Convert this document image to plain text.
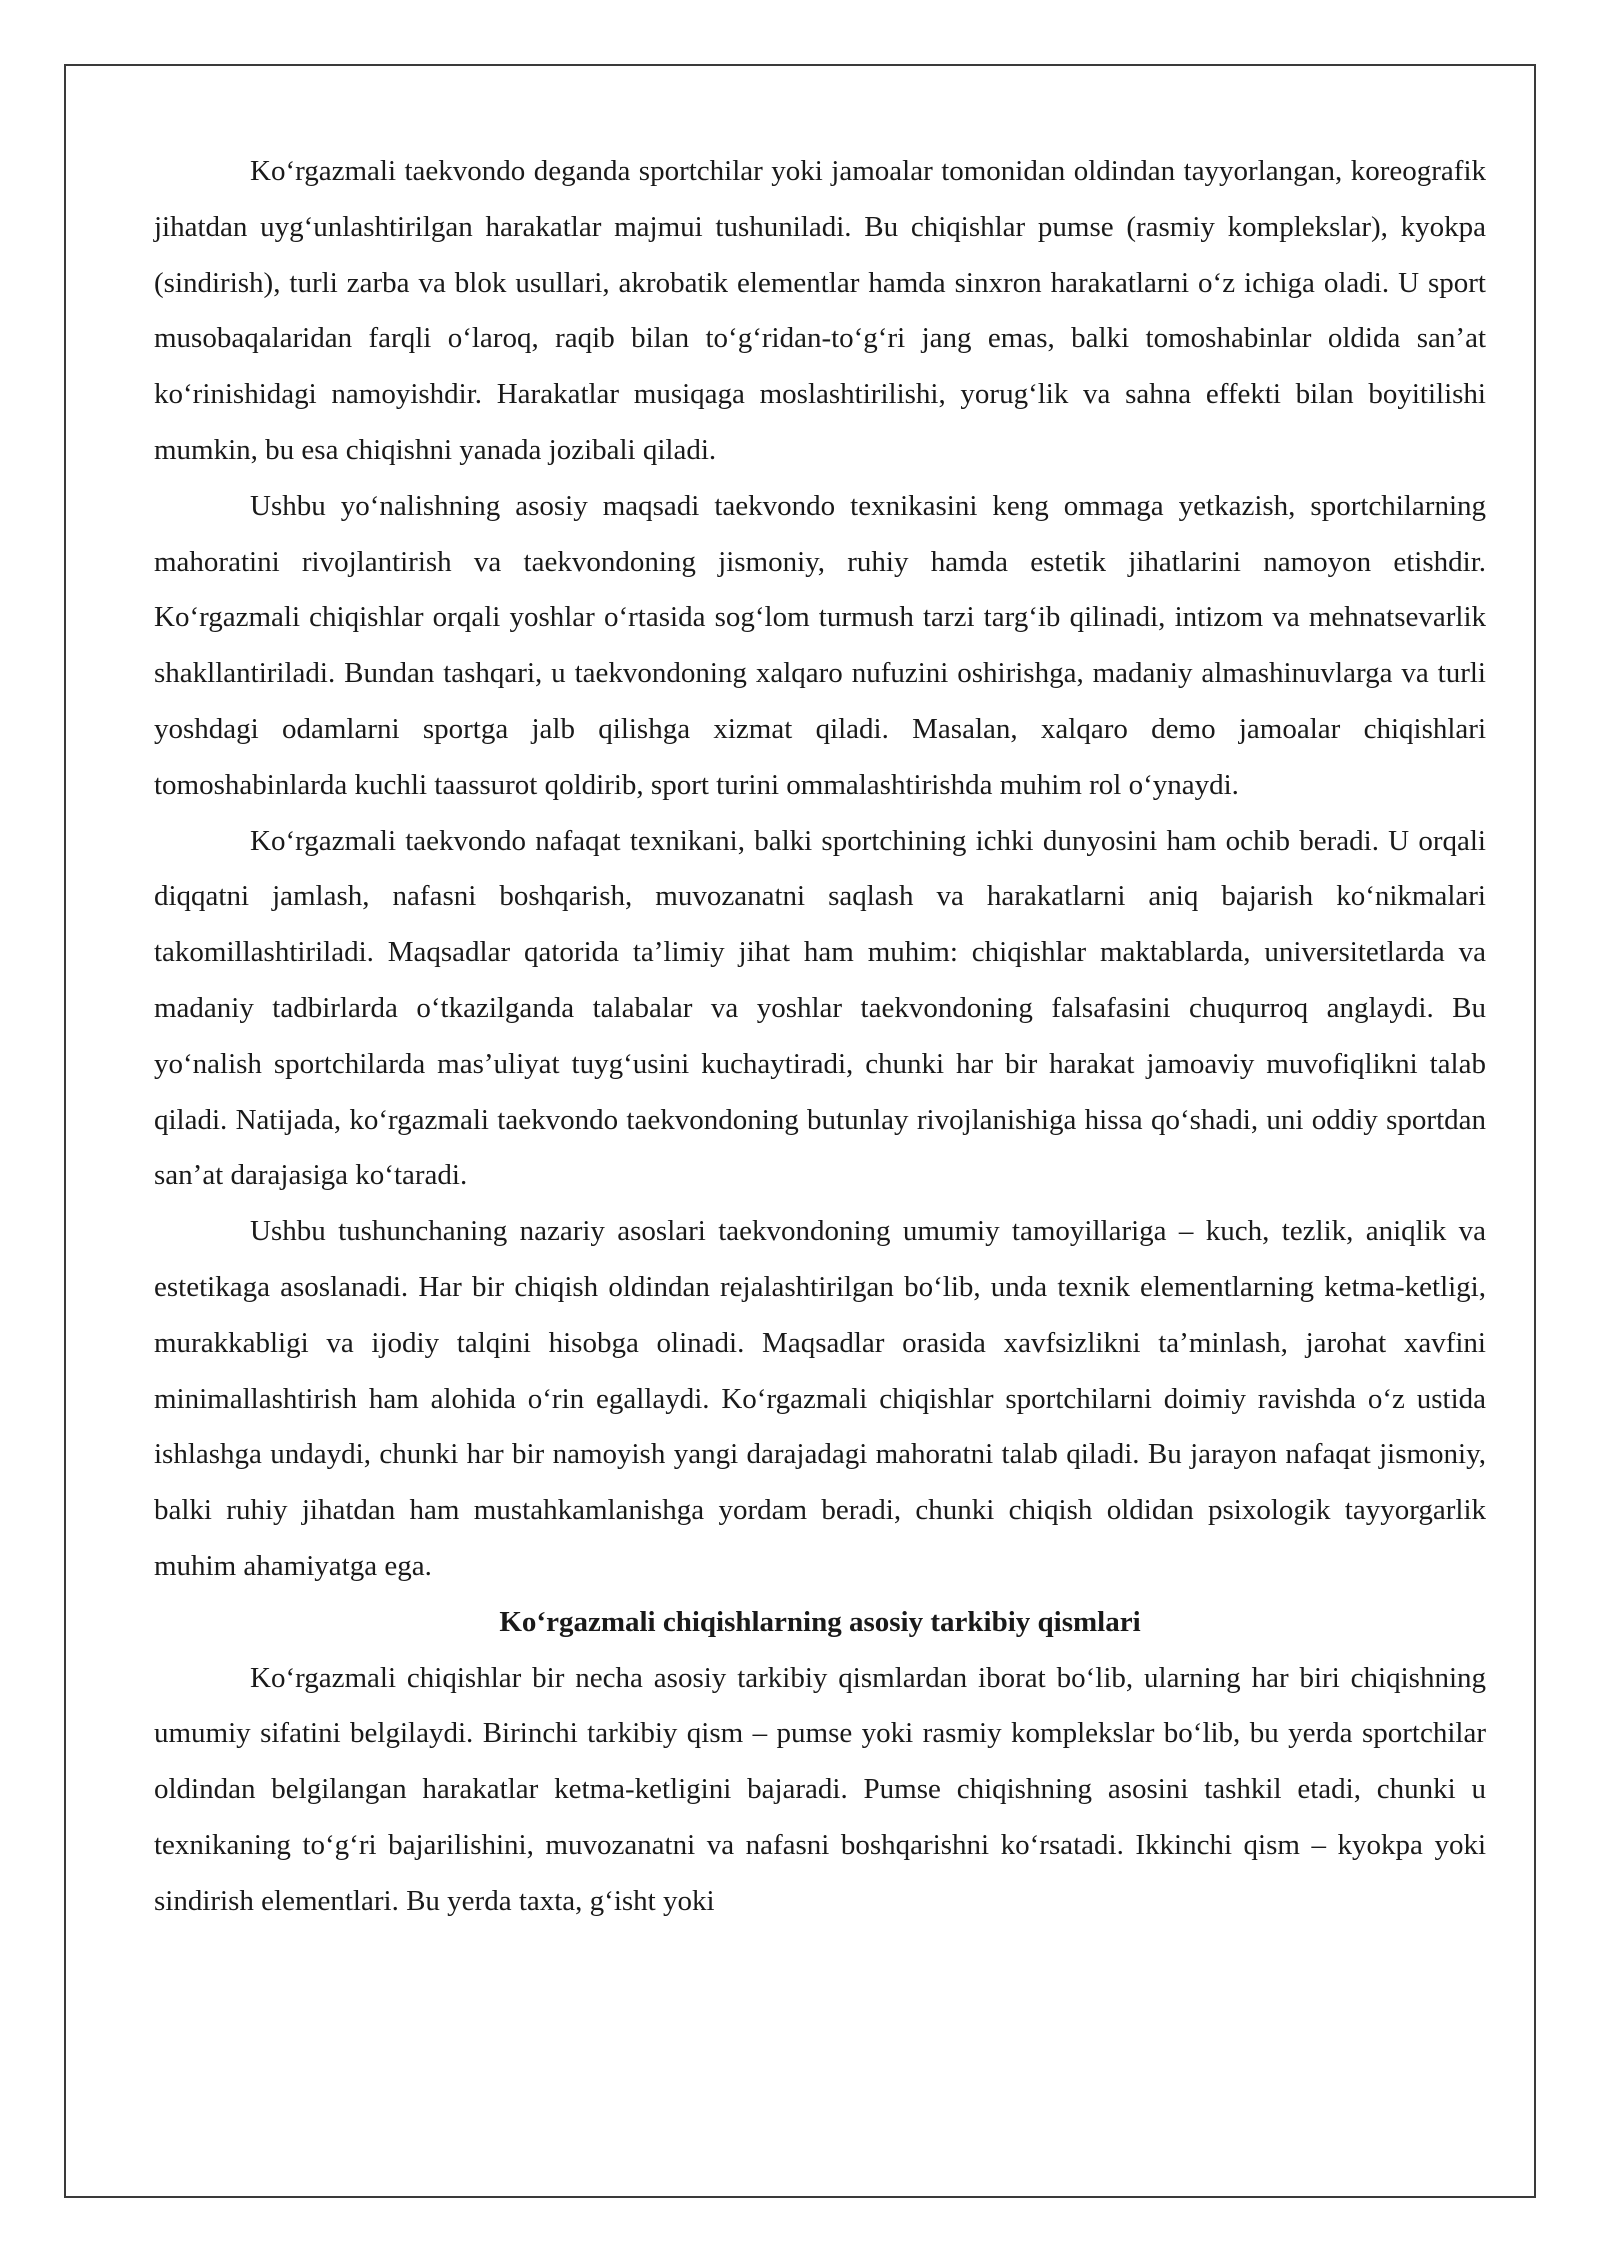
Koʻrgazmali taekvondo deganda sportchilar yoki jamoalar tomonidan oldindan tayyorlangan, koreografik jihatdan uygʻunlashtirilgan harakatlar majmui tushuniladi. Bu chiqishlar pumse (rasmiy komplekslar), kyokpa (sindirish), turli zarba va blok usullari, akrobatik elementlar hamda sinxron harakatlarni oʻz ichiga oladi. U sport musobaqalaridan farqli oʻlaroq, raqib bilan toʻgʻridan-toʻgʻri jang emas, balki tomoshabinlar oldida sanʼat koʻrinishidagi namoyishdir. Harakatlar musiqaga moslashtirilishi, yorugʻlik va sahna effekti bilan boyitilishi mumkin, bu esa chiqishni yanada jozibali qiladi.

Ushbu yoʻnalishning asosiy maqsadi taekvondo texnikasini keng ommaga yetkazish, sportchilarning mahoratini rivojlantirish va taekvondoning jismoniy, ruhiy hamda estetik jihatlarini namoyon etishdir. Koʻrgazmali chiqishlar orqali yoshlar oʻrtasida sogʻlom turmush tarzi targʻib qilinadi, intizom va mehnatsevarlik shakllantiriladi. Bundan tashqari, u taekvondoning xalqaro nufuzini oshirishga, madaniy almashinuvlarga va turli yoshdagi odamlarni sportga jalb qilishga xizmat qiladi. Masalan, xalqaro demo jamoalar chiqishlari tomoshabinlarda kuchli taassurot qoldirib, sport turini ommalashtirishda muhim rol oʻynaydi.

Koʻrgazmali taekvondo nafaqat texnikani, balki sportchining ichki dunyosini ham ochib beradi. U orqali diqqatni jamlash, nafasni boshqarish, muvozanatni saqlash va harakatlarni aniq bajarish koʻnikmalari takomillashtiriladi. Maqsadlar qatorida taʼlimiy jihat ham muhim: chiqishlar maktablarda, universitetlarda va madaniy tadbirlarda oʻtkazilganda talabalar va yoshlar taekvondoning falsafasini chuqurroq anglaydi. Bu yoʻnalish sportchilarda masʼuliyat tuygʻusini kuchaytiradi, chunki har bir harakat jamoaviy muvofiqlikni talab qiladi. Natijada, koʻrgazmali taekvondo taekvondoning butunlay rivojlanishiga hissa qoʻshadi, uni oddiy sportdan sanʼat darajasiga koʻtaradi.

Ushbu tushunchaning nazariy asoslari taekvondoning umumiy tamoyillariga – kuch, tezlik, aniqlik va estetikaga asoslanadi. Har bir chiqish oldindan rejalashtirilgan boʻlib, unda texnik elementlarning ketma-ketligi, murakkabligi va ijodiy talqini hisobga olinadi. Maqsadlar orasida xavfsizlikni taʼminlash, jarohat xavfini minimallashtirish ham alohida oʻrin egallaydi. Koʻrgazmali chiqishlar sportchilarni doimiy ravishda oʻz ustida ishlashga undaydi, chunki har bir namoyish yangi darajadagi mahoratni talab qiladi. Bu jarayon nafaqat jismoniy, balki ruhiy jihatdan ham mustahkamlanishga yordam beradi, chunki chiqish oldidan psixologik tayyorgarlik muhim ahamiyatga ega.

Koʻrgazmali chiqishlarning asosiy tarkibiy qismlari

Koʻrgazmali chiqishlar bir necha asosiy tarkibiy qismlardan iborat boʻlib, ularning har biri chiqishning umumiy sifatini belgilaydi. Birinchi tarkibiy qism – pumse yoki rasmiy komplekslar boʻlib, bu yerda sportchilar oldindan belgilangan harakatlar ketma-ketligini bajaradi. Pumse chiqishning asosini tashkil etadi, chunki u texnikaning toʻgʻri bajarilishini, muvozanatni va nafasni boshqarishni koʻrsatadi. Ikkinchi qism – kyokpa yoki sindirish elementlari. Bu yerda taxta, gʻisht yoki
